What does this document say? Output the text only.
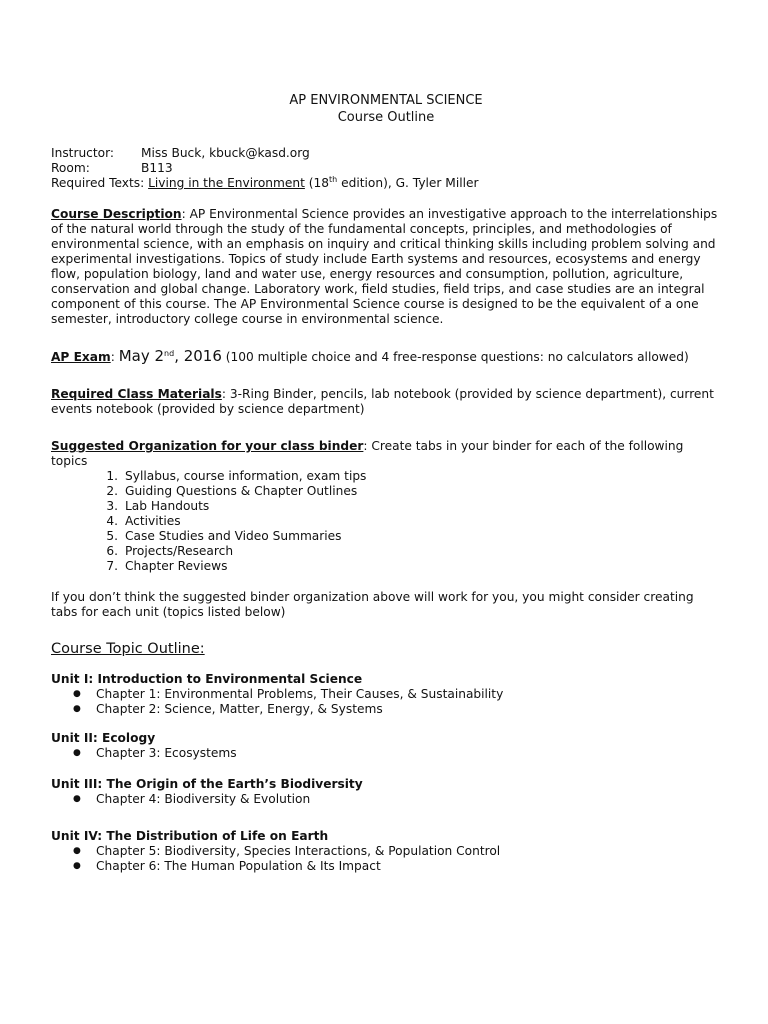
AP ENVIRONMENTAL SCIENCE
Course Outline
Instructor:	Miss Buck, kbuck@kasd.org
Room:	B113
Required Texts: Living in the Environment (18th edition), G. Tyler Miller

Course Description: AP Environmental Science provides an investigative approach to the interrelationships of the natural world through the study of the fundamental concepts, principles, and methodologies of environmental science, with an emphasis on inquiry and critical thinking skills including problem solving and experimental investigations. Topics of study include Earth systems and resources, ecosystems and energy flow, population biology, land and water use, energy resources and consumption, pollution, agriculture, conservation and global change. Laboratory work, field studies, field trips, and case studies are an integral component of this course. The AP Environmental Science course is designed to be the equivalent of a one semester, introductory college course in environmental science.

AP Exam: May 2nd, 2016 (100 multiple choice and 4 free-response questions: no calculators allowed)

Required Class Materials: 3-Ring Binder, pencils, lab notebook (provided by science department), current events notebook (provided by science department)

Suggested Organization for your class binder: Create tabs in your binder for each of the following topics

1. Syllabus, course information, exam tips
2. Guiding Questions & Chapter Outlines
3. Lab Handouts
4. Activities
5. Case Studies and Video Summaries
6. Projects/Research
7. Chapter Reviews

If you don’t think the suggested binder organization above will work for you, you might consider creating tabs for each unit (topics listed below)

Course Topic Outline:
Unit I: Introduction to Environmental Science
●	Chapter 1: Environmental Problems, Their Causes, & Sustainability
●	Chapter 2: Science, Matter, Energy, & Systems
Unit II: Ecology
●	Chapter 3: Ecosystems
Unit III: The Origin of the Earth’s Biodiversity
●	Chapter 4: Biodiversity & Evolution
Unit IV: The Distribution of Life on Earth
●	Chapter 5: Biodiversity, Species Interactions, & Population Control
●	Chapter 6: The Human Population & Its Impact
